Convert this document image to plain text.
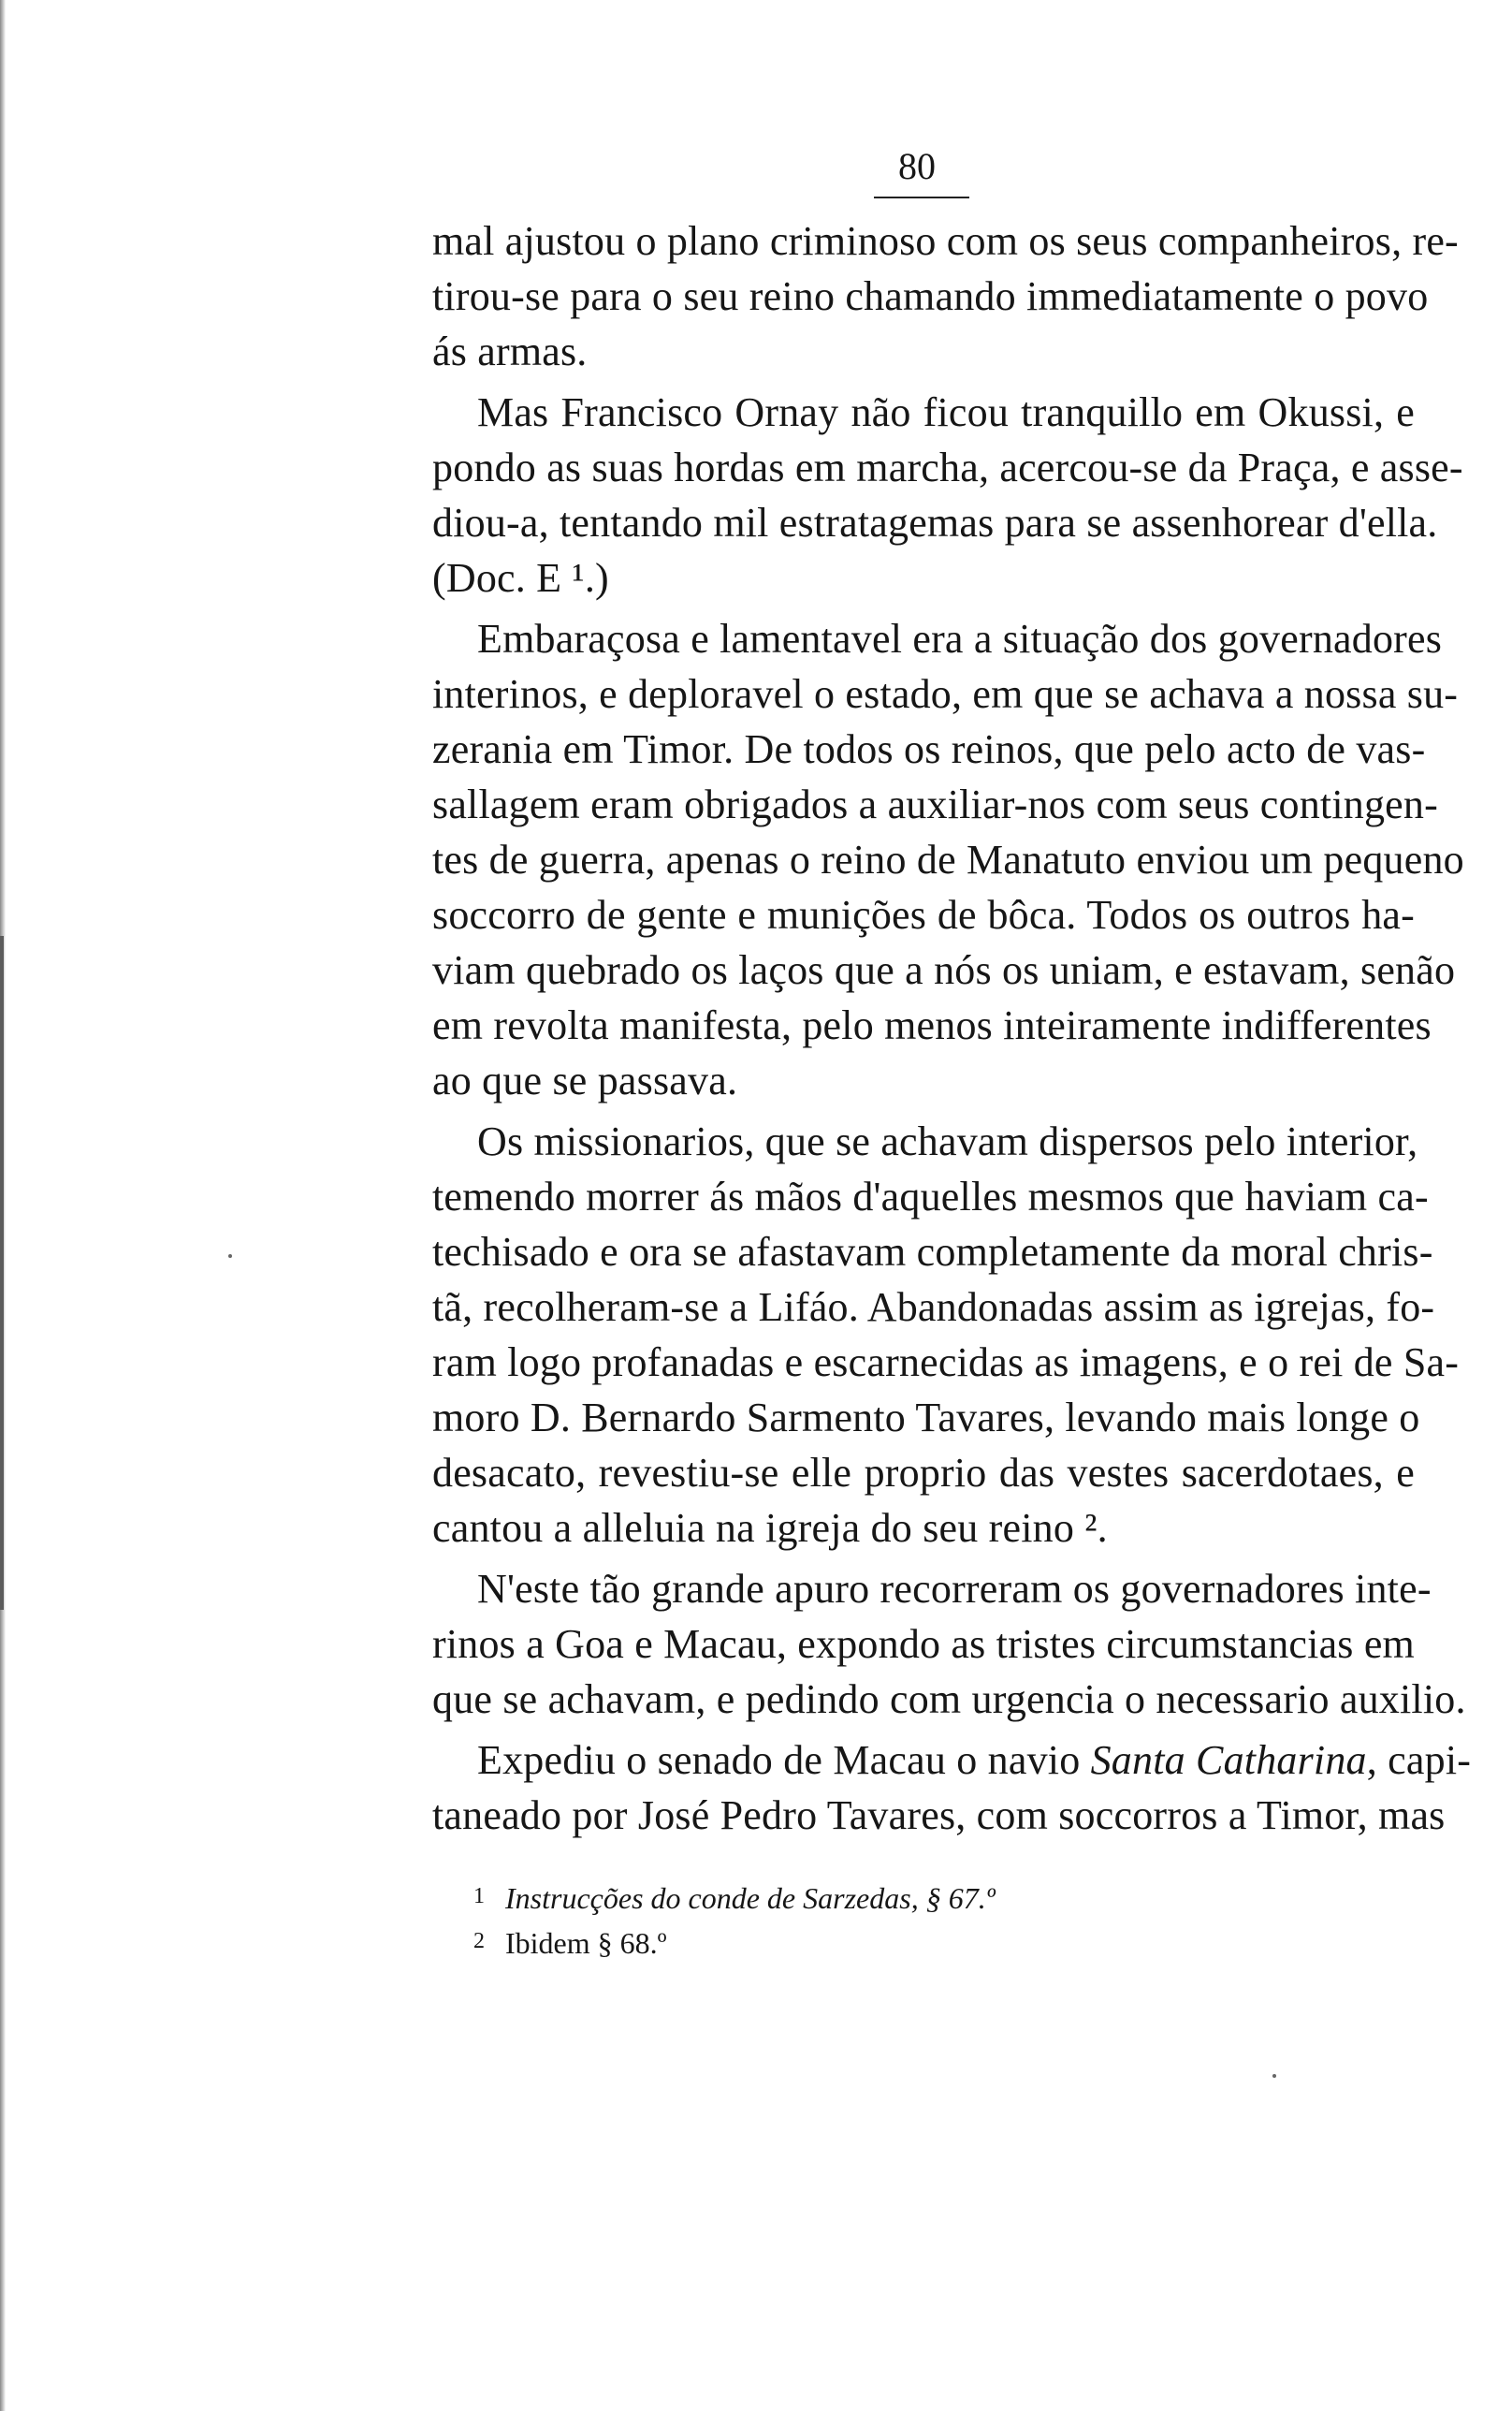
80
mal ajustou o plano criminoso com os seus companheiros, re-
tirou-se para o seu reino chamando immediatamente o povo
ás armas.
Mas Francisco Ornay não ficou tranquillo em Okussi, e
pondo as suas hordas em marcha, acercou-se da Praça, e asse-
diou-a, tentando mil estratagemas para se assenhorear d'ella.
(Doc. E ¹.)
Embaraçosa e lamentavel era a situação dos governadores
interinos, e deploravel o estado, em que se achava a nossa su-
zerania em Timor. De todos os reinos, que pelo acto de vas-
sallagem eram obrigados a auxiliar-nos com seus contingen-
tes de guerra, apenas o reino de Manatuto enviou um pequeno
soccorro de gente e munições de bôca. Todos os outros ha-
viam quebrado os laços que a nós os uniam, e estavam, senão
em revolta manifesta, pelo menos inteiramente indifferentes
ao que se passava.
Os missionarios, que se achavam dispersos pelo interior,
temendo morrer ás mãos d'aquelles mesmos que haviam ca-
techisado e ora se afastavam completamente da moral chris-
tã, recolheram-se a Lifáo. Abandonadas assim as igrejas, fo-
ram logo profanadas e escarnecidas as imagens, e o rei de Sa-
moro D. Bernardo Sarmento Tavares, levando mais longe o
desacato, revestiu-se elle proprio das vestes sacerdotaes, e
cantou a alleluia na igreja do seu reino ².
N'este tão grande apuro recorreram os governadores inte-
rinos a Goa e Macau, expondo as tristes circumstancias em
que se achavam, e pedindo com urgencia o necessario auxilio.
Expediu o senado de Macau o navio Santa Catharina, capi-
taneado por José Pedro Tavares, com soccorros a Timor, mas
1 Instrucções do conde de Sarzedas, § 67.º
2 Ibidem § 68.º
